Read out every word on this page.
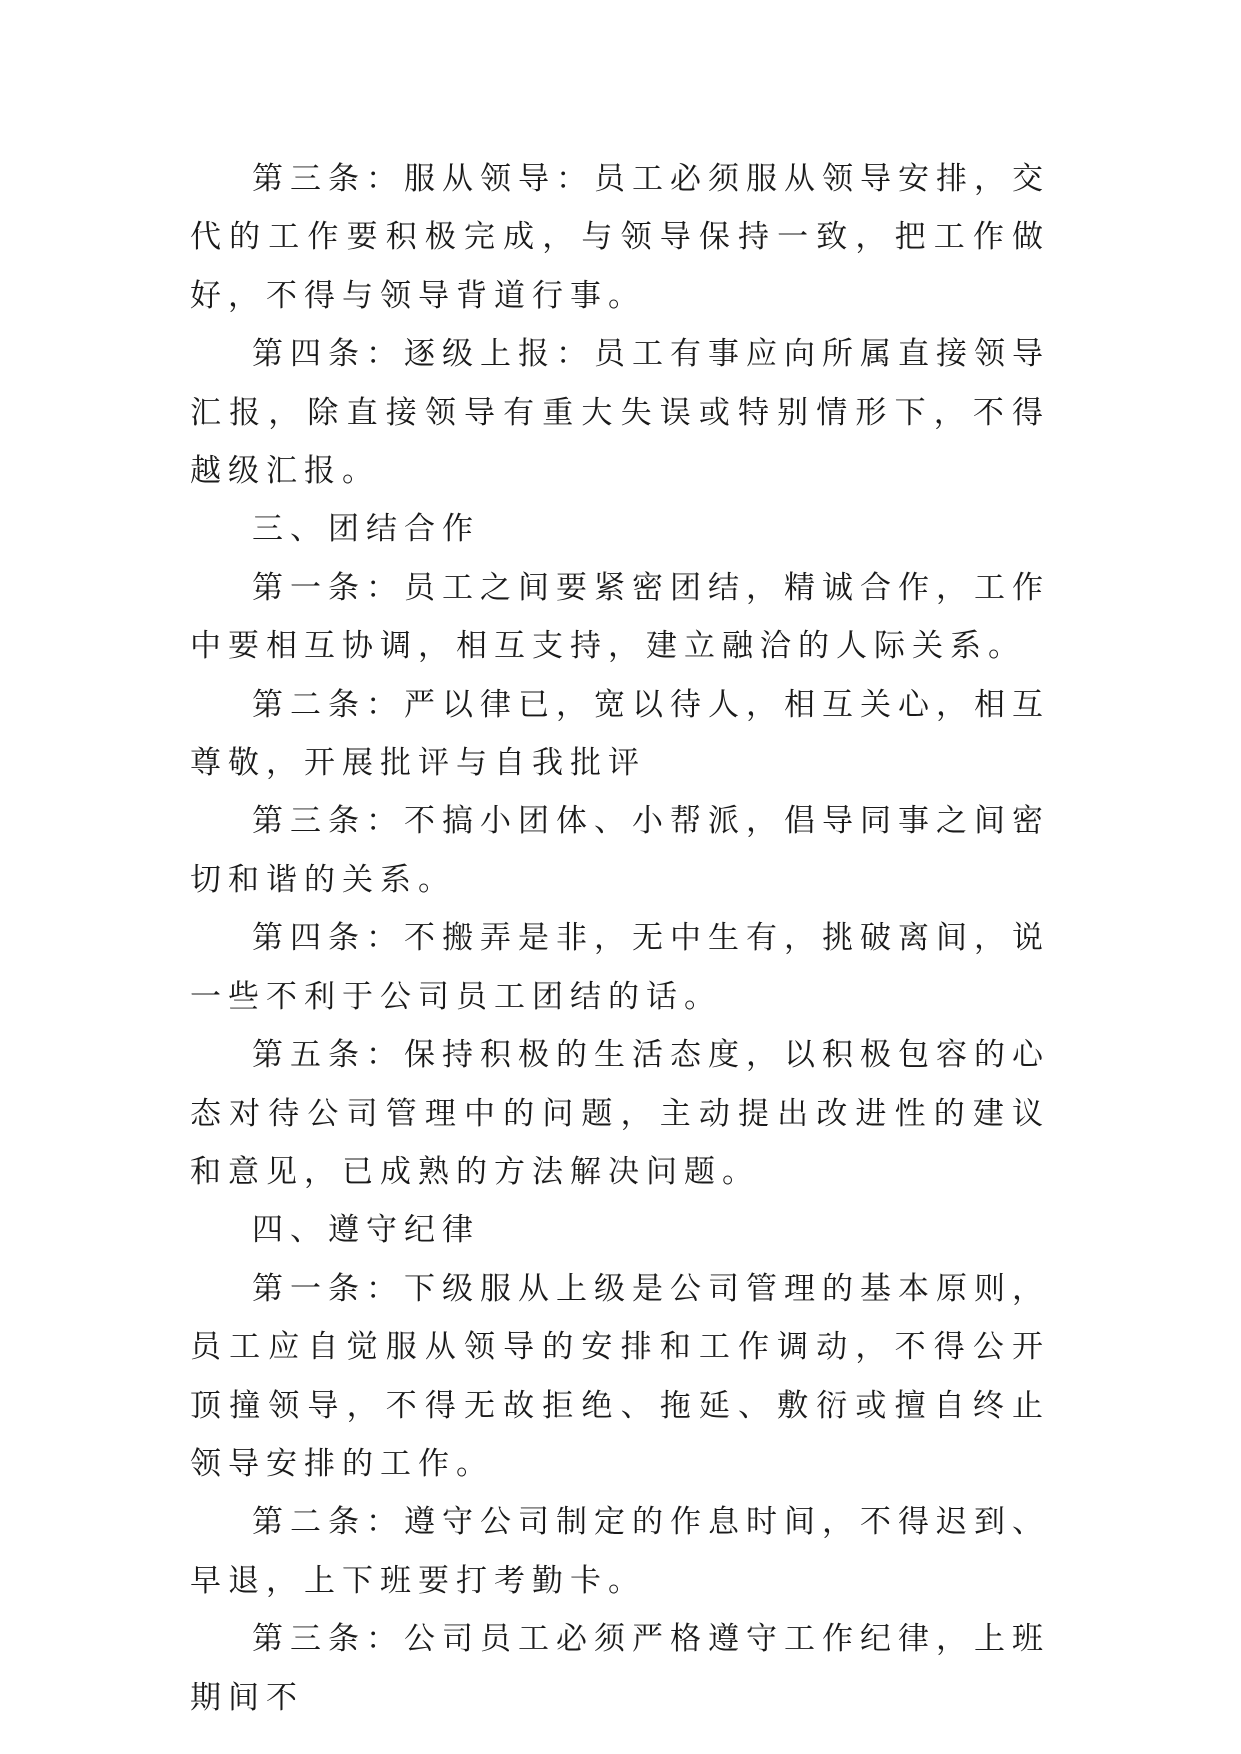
第三条：服从领导：员工必须服从领导安排，交代的工作要积极完成，与领导保持一致，把工作做好，不得与领导背道行事。

第四条：逐级上报：员工有事应向所属直接领导汇报，除直接领导有重大失误或特别情形下，不得越级汇报。

三、团结合作

第一条：员工之间要紧密团结，精诚合作，工作中要相互协调，相互支持，建立融洽的人际关系。

第二条：严以律已，宽以待人，相互关心，相互尊敬，开展批评与自我批评

第三条：不搞小团体、小帮派，倡导同事之间密切和谐的关系。

第四条：不搬弄是非，无中生有，挑破离间，说一些不利于公司员工团结的话。

第五条：保持积极的生活态度，以积极包容的心态对待公司管理中的问题，主动提出改进性的建议和意见，已成熟的方法解决问题。

四、遵守纪律

第一条：下级服从上级是公司管理的基本原则，员工应自觉服从领导的安排和工作调动，不得公开顶撞领导，不得无故拒绝、拖延、敷衍或擅自终止领导安排的工作。

第二条：遵守公司制定的作息时间，不得迟到、早退，上下班要打考勤卡。

第三条：公司员工必须严格遵守工作纪律，上班期间不
